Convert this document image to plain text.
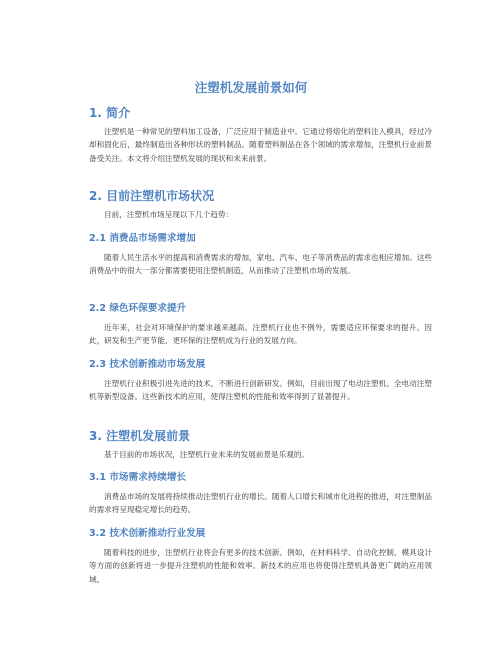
注塑机发展前景如何
1. 简介
注塑机是一种常见的塑料加工设备，广泛应用于制造业中。它通过将熔化的塑料注入模具，经过冷却和固化后，最终制造出各种形状的塑料制品。随着塑料制品在各个领域的需求增加，注塑机行业前景备受关注。本文将介绍注塑机发展的现状和未来前景。
2. 目前注塑机市场状况
目前，注塑机市场呈现以下几个趋势：
2.1 消费品市场需求增加
随着人民生活水平的提高和消费需求的增加，家电、汽车、电子等消费品的需求也相应增加。这些消费品中的很大一部分都需要使用注塑机制造，从而推动了注塑机市场的发展。
2.2 绿色环保要求提升
近年来，社会对环境保护的要求越来越高。注塑机行业也不例外，需要适应环保要求的提升。因此，研发和生产更节能、更环保的注塑机成为行业的发展方向。
2.3 技术创新推动市场发展
注塑机行业积极引进先进的技术，不断进行创新研发。例如，目前出现了电动注塑机、全电动注塑机等新型设备。这些新技术的应用，使得注塑机的性能和效率得到了显著提升。
3. 注塑机发展前景
基于目前的市场状况，注塑机行业未来的发展前景是乐观的。
3.1 市场需求持续增长
消费品市场的发展将持续推动注塑机行业的增长。随着人口增长和城市化进程的推进，对注塑制品的需求将呈现稳定增长的趋势。
3.2 技术创新推动行业发展
随着科技的进步，注塑机行业将会有更多的技术创新。例如，在材料科学、自动化控制、模具设计等方面的创新将进一步提升注塑机的性能和效率。新技术的应用也将使得注塑机具备更广阔的应用领域。
